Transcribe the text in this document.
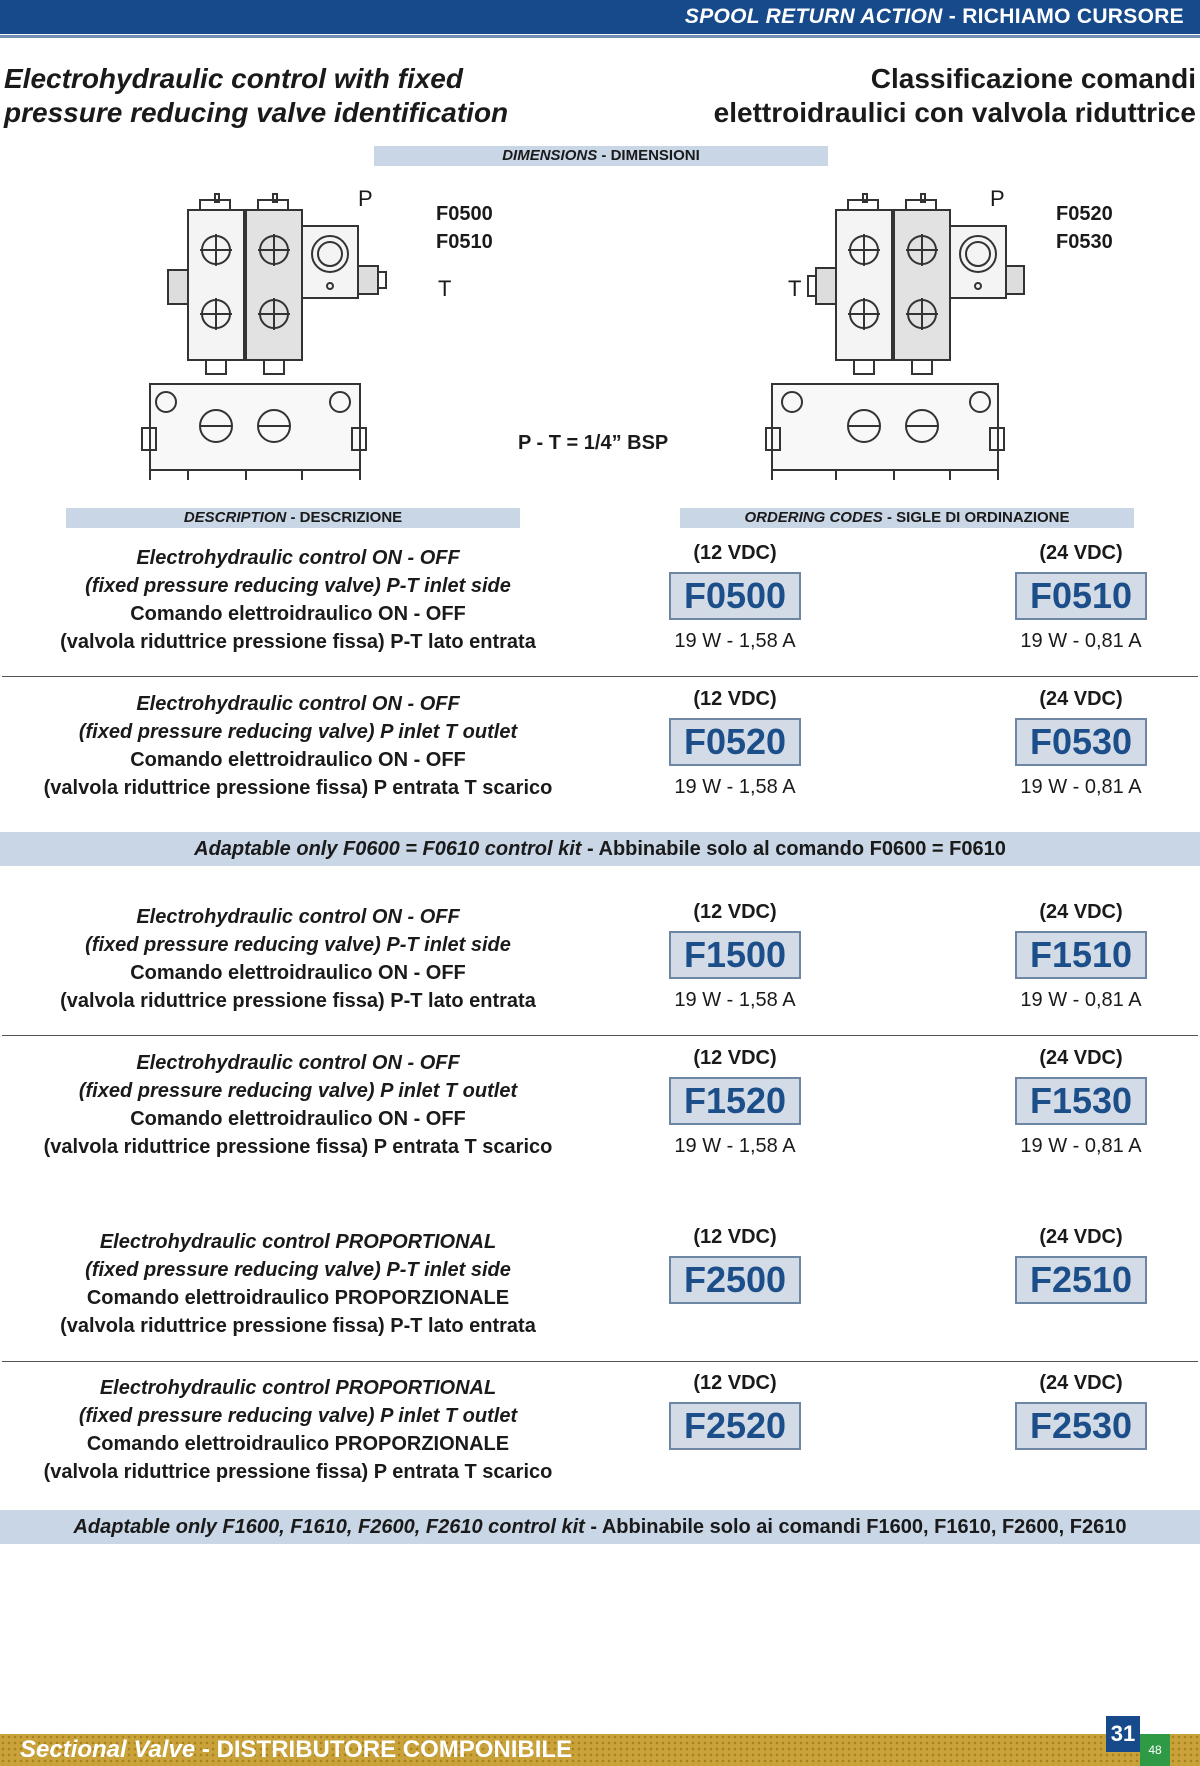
SPOOL RETURN ACTION - RICHIAMO CURSORE
Electrohydraulic control with fixed
pressure reducing valve identification
Classificazione comandi
elettroidraulici con valvola riduttrice
DIMENSIONS - DIMENSIONI
P
T
F0500
F0510
P
T
F0520
F0530
P - T = 1/4” BSP
DESCRIPTION - DESCRIZIONE	ORDERING CODES - SIGLE DI ORDINAZIONE
Electrohydraulic control ON - OFF
(fixed pressure reducing valve) P-T inlet side
Comando elettroidraulico ON - OFF
(valvola riduttrice pressione fissa) P-T lato entrata
(12 VDC)
F0500
19 W - 1,58 A
(24 VDC)
F0510
19 W - 0,81 A
Electrohydraulic control ON - OFF
(fixed pressure reducing valve) P inlet T outlet
Comando elettroidraulico ON - OFF
(valvola riduttrice pressione fissa) P entrata T scarico
(12 VDC)
F0520
19 W - 1,58 A
(24 VDC)
F0530
19 W - 0,81 A
Electrohydraulic control ON - OFF
(fixed pressure reducing valve) P-T inlet side
Comando elettroidraulico ON - OFF
(valvola riduttrice pressione fissa) P-T lato entrata
(12 VDC)
F1500
19 W - 1,58 A
(24 VDC)
F1510
19 W - 0,81 A
Electrohydraulic control ON - OFF
(fixed pressure reducing valve) P inlet T outlet
Comando elettroidraulico ON - OFF
(valvola riduttrice pressione fissa) P entrata T scarico
(12 VDC)
F1520
19 W - 1,58 A
(24 VDC)
F1530
19 W - 0,81 A
Electrohydraulic control PROPORTIONAL
(fixed pressure reducing valve) P-T inlet side
Comando elettroidraulico PROPORZIONALE
(valvola riduttrice pressione fissa) P-T lato entrata
(12 VDC)
F2500
(24 VDC)
F2510
Electrohydraulic control PROPORTIONAL
(fixed pressure reducing valve) P inlet T outlet
Comando elettroidraulico PROPORZIONALE
(valvola riduttrice pressione fissa) P entrata T scarico
(12 VDC)
F2520
(24 VDC)
F2530
Adaptable only F0600 = F0610 control kit - Abbinabile solo al comando F0600 = F0610
Adaptable only F1600, F1610, F2600, F2610 control kit - Abbinabile solo ai comandi F1600, F1610, F2600, F2610
Sectional Valve - DISTRIBUTORE COMPONIBILE
31
48
